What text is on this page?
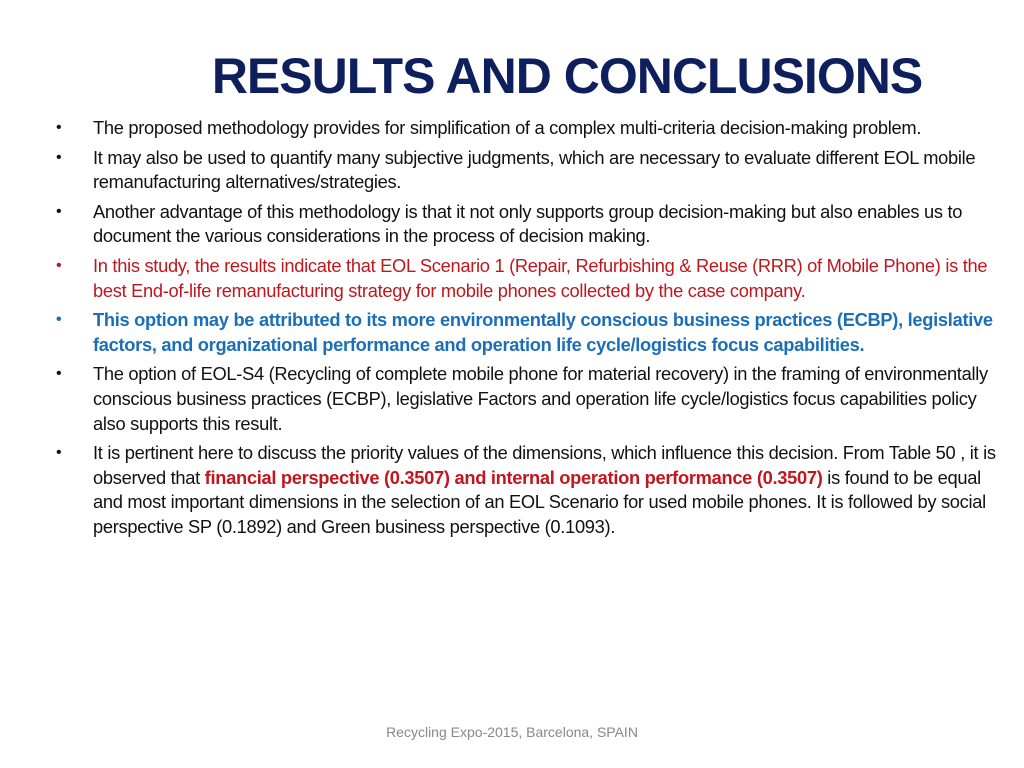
RESULTS AND CONCLUSIONS
• The proposed methodology provides for simplification of a complex multi-criteria decision-making problem.
• It may also be used to quantify many subjective judgments, which are necessary to evaluate different EOL mobile remanufacturing alternatives/strategies.
• Another advantage of this methodology is that it not only supports group decision-making but also enables us to document the various considerations in the process of decision making.
• In this study, the results indicate that EOL Scenario 1 (Repair, Refurbishing & Reuse (RRR) of Mobile Phone) is the best End-of-life remanufacturing strategy for mobile phones collected by the case company.
• This option may be attributed to its more environmentally conscious business practices (ECBP), legislative factors, and organizational performance and operation life cycle/logistics focus capabilities.
• The option of EOL-S4 (Recycling of complete mobile phone for material recovery) in the framing of environmentally conscious business practices (ECBP), legislative Factors and operation life cycle/logistics focus capabilities policy also supports this result.
• It is pertinent here to discuss the priority values of the dimensions, which influence this decision. From Table 50 , it is observed that financial perspective (0.3507) and internal operation performance (0.3507) is found to be equal and most important dimensions in the selection of an EOL Scenario for used mobile phones. It is followed by social perspective SP (0.1892) and Green business perspective (0.1093).
Recycling Expo-2015, Barcelona, SPAIN
